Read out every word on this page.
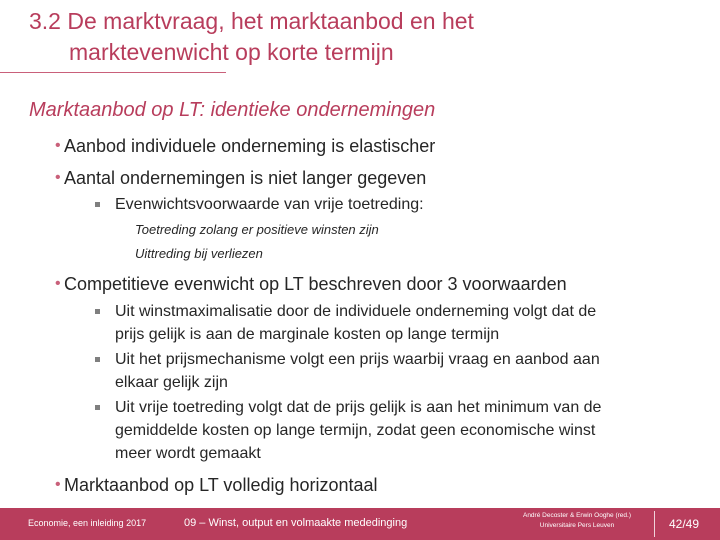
3.2 De marktvraag, het marktaanbod en het
marktevenwicht op korte termijn
Marktaanbod op LT: identieke ondernemingen
• Aanbod individuele onderneming is elastischer
• Aantal ondernemingen is niet langer gegeven
Evenwichtsvoorwaarde van vrije toetreding:
Toetreding zolang er positieve winsten zijn
Uittreding bij verliezen
• Competitieve evenwicht op LT beschreven door 3 voorwaarden
Uit winstmaximalisatie door de individuele onderneming volgt dat de
prijs gelijk is aan de marginale kosten op lange termijn
Uit het prijsmechanisme volgt een prijs waarbij vraag en aanbod aan
elkaar gelijk zijn
Uit vrije toetreding volgt dat de prijs gelijk is aan het minimum van de
gemiddelde kosten op lange termijn, zodat geen economische winst
meer wordt gemaakt
• Marktaanbod op LT volledig horizontaal
Economie, een inleiding 2017	09 – Winst, output en volmaakte mededinging
André Decoster & Erwin Ooghe (red.)
Universitaire Pers Leuven	42/49
